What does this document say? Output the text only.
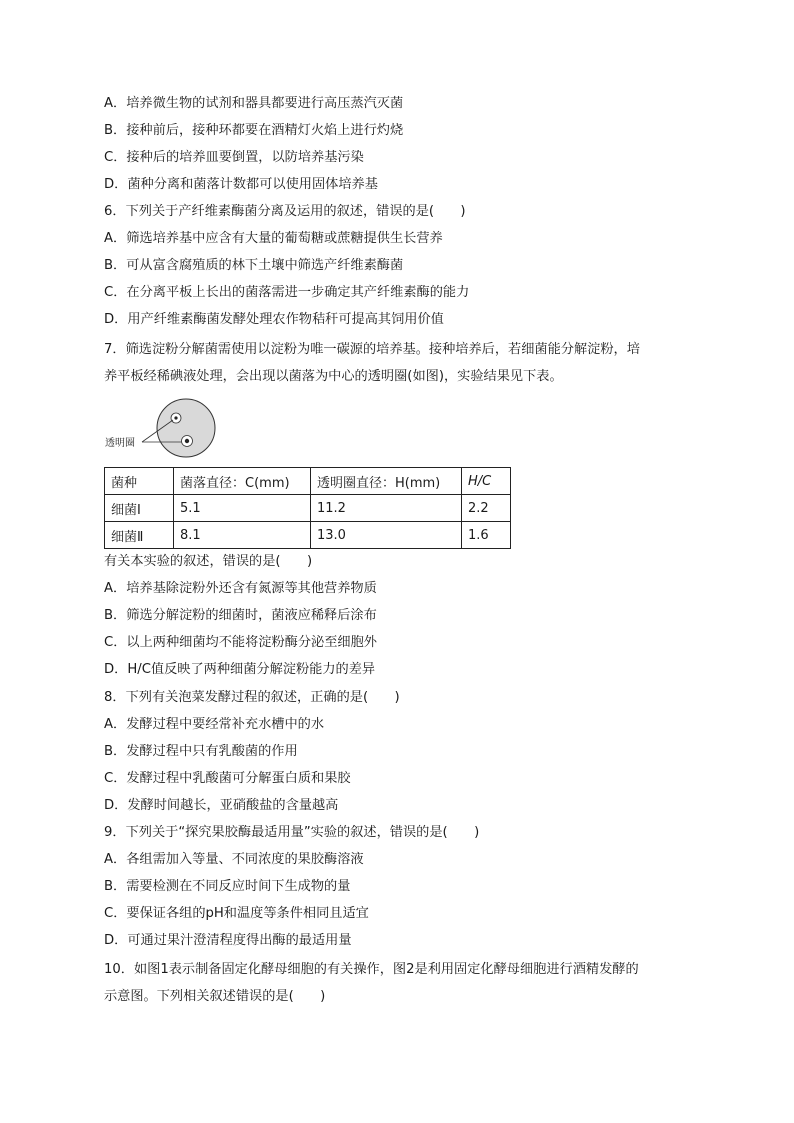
A．培养微生物的试剂和器具都要进行高压蒸汽灭菌
B．接种前后，接种环都要在酒精灯火焰上进行灼烧
C．接种后的培养皿要倒置，以防培养基污染
D．菌种分离和菌落计数都可以使用固体培养基
6．下列关于产纤维素酶菌分离及运用的叙述，错误的是(　　)
A．筛选培养基中应含有大量的葡萄糖或蔗糖提供生长营养
B．可从富含腐殖质的林下土壤中筛选产纤维素酶菌
C．在分离平板上长出的菌落需进一步确定其产纤维素酶的能力
D．用产纤维素酶菌发酵处理农作物秸秆可提高其饲用价值
7．筛选淀粉分解菌需使用以淀粉为唯一碳源的培养基。接种培养后，若细菌能分解淀粉，培
养平板经稀碘液处理，会出现以菌落为中心的透明圈(如图)，实验结果见下表。
透明圈
菌种	菌落直径：C(mm)	透明圈直径：H(mm)	H/C
细菌Ⅰ	5.1	11.2	2.2
细菌Ⅱ	8.1	13.0	1.6
有关本实验的叙述，错误的是(　　)
A．培养基除淀粉外还含有氮源等其他营养物质
B．筛选分解淀粉的细菌时，菌液应稀释后涂布
C．以上两种细菌均不能将淀粉酶分泌至细胞外
D．H/C值反映了两种细菌分解淀粉能力的差异
8．下列有关泡菜发酵过程的叙述，正确的是(　　)
A．发酵过程中要经常补充水槽中的水
B．发酵过程中只有乳酸菌的作用
C．发酵过程中乳酸菌可分解蛋白质和果胶
D．发酵时间越长，亚硝酸盐的含量越高
9．下列关于“探究果胶酶最适用量”实验的叙述，错误的是(　　)
A．各组需加入等量、不同浓度的果胶酶溶液
B．需要检测在不同反应时间下生成物的量
C．要保证各组的pH和温度等条件相同且适宜
D．可通过果汁澄清程度得出酶的最适用量
10．如图1表示制备固定化酵母细胞的有关操作，图2是利用固定化酵母细胞进行酒精发酵的
示意图。下列相关叙述错误的是(　　)
